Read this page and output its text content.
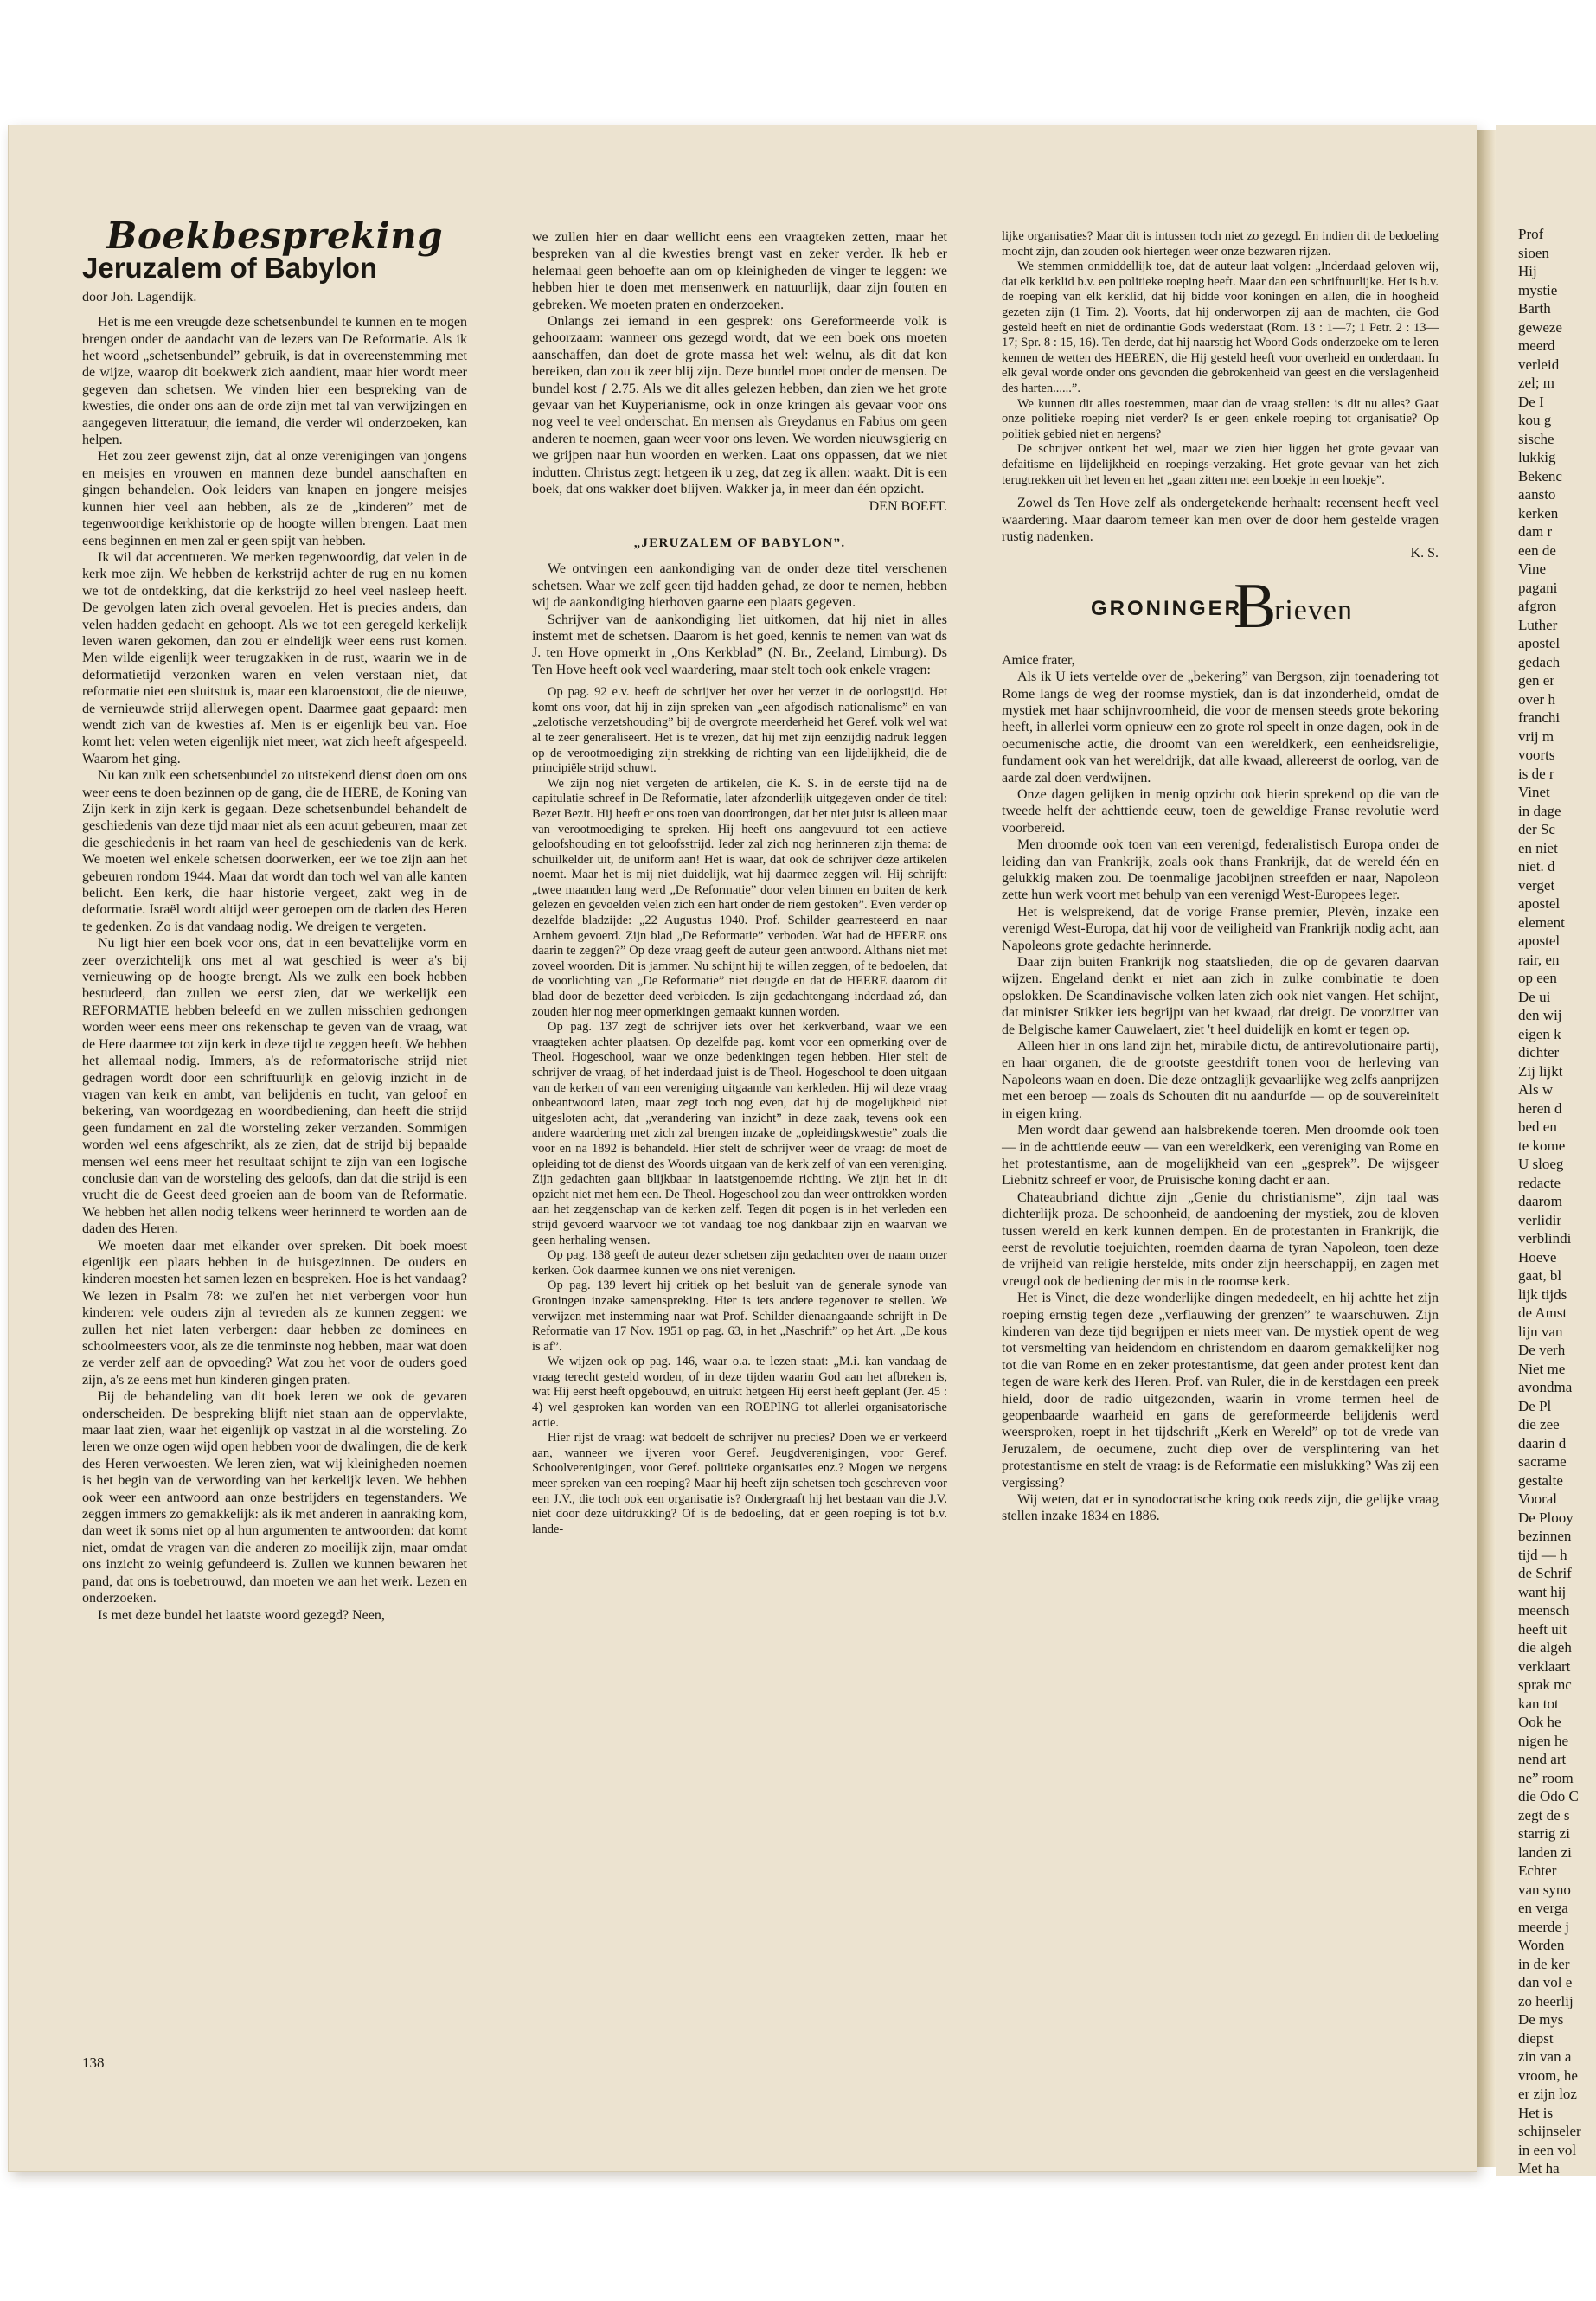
Boekbespreking
Jeruzalem of Babylon
door Joh. Lagendijk.

Het is me een vreugde deze schetsenbundel te kunnen en te mogen brengen onder de aandacht van de lezers van De Reformatie. Als ik het woord „schetsenbundel” gebruik, is dat in overeenstemming met de wijze, waarop dit boekwerk zich aandient, maar hier wordt meer gegeven dan schetsen. We vinden hier een bespreking van de kwesties, die onder ons aan de orde zijn met tal van verwijzingen en aangegeven litteratuur, die iemand, die verder wil onderzoeken, kan helpen.

Het zou zeer gewenst zijn, dat al onze verenigingen van jongens en meisjes en vrouwen en mannen deze bundel aanschaften en gingen behandelen. Ook leiders van knapen en jongere meisjes kunnen hier veel aan hebben, als ze de „kinderen” met de tegenwoordige kerkhistorie op de hoogte willen brengen. Laat men eens beginnen en men zal er geen spijt van hebben.

Ik wil dat accentueren. We merken tegenwoordig, dat velen in de kerk moe zijn. We hebben de kerkstrijd achter de rug en nu komen we tot de ontdekking, dat die kerkstrijd zo heel veel nasleep heeft. De gevolgen laten zich overal gevoelen. Het is precies anders, dan velen hadden gedacht en gehoopt. Als we tot een geregeld kerkelijk leven waren gekomen, dan zou er eindelijk weer eens rust komen. Men wilde eigenlijk weer terugzakken in de rust, waarin we in de deformatietijd verzonken waren en velen verstaan niet, dat reformatie niet een sluitstuk is, maar een klaroenstoot, die de nieuwe, de vernieuwde strijd allerwegen opent. Daarmee gaat gepaard: men wendt zich van de kwesties af. Men is er eigenlijk beu van. Hoe komt het: velen weten eigenlijk niet meer, wat zich heeft afgespeeld. Waarom het ging.

Nu kan zulk een schetsenbundel zo uitstekend dienst doen om ons weer eens te doen bezinnen op de gang, die de HERE, de Koning van Zijn kerk in zijn kerk is gegaan. Deze schetsenbundel behandelt de geschiedenis van deze tijd maar niet als een acuut gebeuren, maar zet die geschiedenis in het raam van heel de geschiedenis van de kerk. We moeten wel enkele schetsen doorwerken, eer we toe zijn aan het gebeuren rondom 1944. Maar dat wordt dan toch wel van alle kanten belicht. Een kerk, die haar historie vergeet, zakt weg in de deformatie. Israël wordt altijd weer geroepen om de daden des Heren te gedenken. Zo is dat vandaag nodig. We dreigen te vergeten.

Nu ligt hier een boek voor ons, dat in een bevattelijke vorm en zeer overzichtelijk ons met al wat geschied is weer a's bij vernieuwing op de hoogte brengt. Als we zulk een boek hebben bestudeerd, dan zullen we eerst zien, dat we werkelijk een REFORMATIE hebben beleefd en we zullen misschien gedrongen worden weer eens meer ons rekenschap te geven van de vraag, wat de Here daarmee tot zijn kerk in deze tijd te zeggen heeft. We hebben het allemaal nodig. Immers, a's de reformatorische strijd niet gedragen wordt door een schriftuurlijk en gelovig inzicht in de vragen van kerk en ambt, van belijdenis en tucht, van geloof en bekering, van woordgezag en woordbediening, dan heeft die strijd geen fundament en zal die worsteling zeker verzanden. Sommigen worden wel eens afgeschrikt, als ze zien, dat de strijd bij bepaalde mensen wel eens meer het resultaat schijnt te zijn van een logische conclusie dan van de worsteling des geloofs, dan dat die strijd is een vrucht die de Geest deed groeien aan de boom van de Reformatie. We hebben het allen nodig telkens weer herinnerd te worden aan de daden des Heren.

We moeten daar met elkander over spreken. Dit boek moest eigenlijk een plaats hebben in de huisgezinnen. De ouders en kinderen moesten het samen lezen en bespreken. Hoe is het vandaag? We lezen in Psalm 78: we zul'en het niet verbergen voor hun kinderen: vele ouders zijn al tevreden als ze kunnen zeggen: we zullen het niet laten verbergen: daar hebben ze dominees en schoolmeesters voor, als ze die tenminste nog hebben, maar wat doen ze verder zelf aan de opvoeding? Wat zou het voor de ouders goed zijn, a's ze eens met hun kinderen gingen praten.

Bij de behandeling van dit boek leren we ook de gevaren onderscheiden. De bespreking blijft niet staan aan de oppervlakte, maar laat zien, waar het eigenlijk op vastzat in al die worsteling. Zo leren we onze ogen wijd open hebben voor de dwalingen, die de kerk des Heren verwoesten. We leren zien, wat wij kleinigheden noemen is het begin van de verwording van het kerkelijk leven. We hebben ook weer een antwoord aan onze bestrijders en tegenstanders. We zeggen immers zo gemakkelijk: als ik met anderen in aanraking kom, dan weet ik soms niet op al hun argumenten te antwoorden: dat komt niet, omdat de vragen van die anderen zo moeilijk zijn, maar omdat ons inzicht zo weinig gefundeerd is. Zullen we kunnen bewaren het pand, dat ons is toebetrouwd, dan moeten we aan het werk. Lezen en onderzoeken.

Is met deze bundel het laatste woord gezegd? Neen,

we zullen hier en daar wellicht eens een vraagteken zetten, maar het bespreken van al die kwesties brengt vast en zeker verder. Ik heb er helemaal geen behoefte aan om op kleinigheden de vinger te leggen: we hebben hier te doen met mensenwerk en natuurlijk, daar zijn fouten en gebreken. We moeten praten en onderzoeken.

Onlangs zei iemand in een gesprek: ons Gereformeerde volk is gehoorzaam: wanneer ons gezegd wordt, dat we een boek ons moeten aanschaffen, dan doet de grote massa het wel: welnu, als dit dat kon bereiken, dan zou ik zeer blij zijn. Deze bundel moet onder de mensen. De bundel kost ƒ 2.75. Als we dit alles gelezen hebben, dan zien we het grote gevaar van het Kuyperianisme, ook in onze kringen als gevaar voor ons nog veel te veel onderschat. En mensen als Greydanus en Fabius om geen anderen te noemen, gaan weer voor ons leven. We worden nieuwsgierig en we grijpen naar hun woorden en werken. Laat ons oppassen, dat we niet indutten. Christus zegt: hetgeen ik u zeg, dat zeg ik allen: waakt. Dit is een boek, dat ons wakker doet blijven. Wakker ja, in meer dan één opzicht.

DEN BOEFT.
„JERUZALEM OF BABYLON”.

We ontvingen een aankondiging van de onder deze titel verschenen schetsen. Waar we zelf geen tijd hadden gehad, ze door te nemen, hebben wij de aankondiging hierboven gaarne een plaats gegeven.

Schrijver van de aankondiging liet uitkomen, dat hij niet in alles instemt met de schetsen. Daarom is het goed, kennis te nemen van wat ds J. ten Hove opmerkt in „Ons Kerkblad” (N. Br., Zeeland, Limburg). Ds Ten Hove heeft ook veel waardering, maar stelt toch ook enkele vragen:

Op pag. 92 e.v. heeft de schrijver het over het verzet in de oorlogstijd. Het komt ons voor, dat hij in zijn spreken van „een afgodisch nationalisme” en van „zelotische verzetshouding” bij de overgrote meerderheid het Geref. volk wel wat al te zeer generaliseert. Het is te vrezen, dat hij met zijn eenzijdig nadruk leggen op de verootmoediging zijn strekking de richting van een lijdelijkheid, die de principiële strijd schuwt.

We zijn nog niet vergeten de artikelen, die K. S. in de eerste tijd na de capitulatie schreef in De Reformatie, later afzonderlijk uitgegeven onder de titel: Bezet Bezit. Hij heeft er ons toen van doordrongen, dat het niet juist is alleen maar van verootmoediging te spreken. Hij heeft ons aangevuurd tot een actieve geloofshouding en tot geloofsstrijd. Ieder zal zich nog herinneren zijn thema: de schuilkelder uit, de uniform aan! Het is waar, dat ook de schrijver deze artikelen noemt. Maar het is mij niet duidelijk, wat hij daarmee zeggen wil. Hij schrijft: „twee maanden lang werd „De Reformatie” door velen binnen en buiten de kerk gelezen en gevoelden velen zich een hart onder de riem gestoken”. Even verder op dezelfde bladzijde: „22 Augustus 1940. Prof. Schilder gearresteerd en naar Arnhem gevoerd. Zijn blad „De Reformatie” verboden. Wat had de HEERE ons daarin te zeggen?” Op deze vraag geeft de auteur geen antwoord. Althans niet met zoveel woorden. Dit is jammer. Nu schijnt hij te willen zeggen, of te bedoelen, dat de voorlichting van „De Reformatie” niet deugde en dat de HEERE daarom dit blad door de bezetter deed verbieden. Is zijn gedachtengang inderdaad zó, dan zouden hier nog meer opmerkingen gemaakt kunnen worden.

Op pag. 137 zegt de schrijver iets over het kerkverband, waar we een vraagteken achter plaatsen. Op dezelfde pag. komt voor een opmerking over de Theol. Hogeschool, waar we onze bedenkingen tegen hebben. Hier stelt de schrijver de vraag, of het inderdaad juist is de Theol. Hogeschool te doen uitgaan van de kerken of van een vereniging uitgaande van kerkleden. Hij wil deze vraag onbeantwoord laten, maar zegt toch nog even, dat hij de mogelijkheid niet uitgesloten acht, dat „verandering van inzicht” in deze zaak, tevens ook een andere waardering met zich zal brengen inzake de „opleidingskwestie” zoals die voor en na 1892 is behandeld. Hier stelt de schrijver weer de vraag: de moet de opleiding tot de dienst des Woords uitgaan van de kerk zelf of van een vereniging. Zijn gedachten gaan blijkbaar in laatstgenoemde richting. We zijn het in dit opzicht niet met hem een. De Theol. Hogeschool zou dan weer onttrokken worden aan het zeggenschap van de kerken zelf. Tegen dit pogen is in het verleden een strijd gevoerd waarvoor we tot vandaag toe nog dankbaar zijn en waarvan we geen herhaling wensen.

Op pag. 138 geeft de auteur dezer schetsen zijn gedachten over de naam onzer kerken. Ook daarmee kunnen we ons niet verenigen.

Op pag. 139 levert hij critiek op het besluit van de generale synode van Groningen inzake samenspreking. Hier is iets andere tegenover te stellen. We verwijzen met instemming naar wat Prof. Schilder dienaangaande schrijft in De Reformatie van 17 Nov. 1951 op pag. 63, in het „Naschrift” op het Art. „De kous is af”.

We wijzen ook op pag. 146, waar o.a. te lezen staat: „M.i. kan vandaag de vraag terecht gesteld worden, of in deze tijden waarin God aan het afbreken is, wat Hij eerst heeft opgebouwd, en uitrukt hetgeen Hij eerst heeft geplant (Jer. 45 : 4) wel gesproken kan worden van een ROEPING tot allerlei organisatorische actie.

Hier rijst de vraag: wat bedoelt de schrijver nu precies? Doen we er verkeerd aan, wanneer we ijveren voor Geref. Jeugdverenigingen, voor Geref. Schoolverenigingen, voor Geref. politieke organisaties enz.? Mogen we nergens meer spreken van een roeping? Maar hij heeft zijn schetsen toch geschreven voor een J.V., die toch ook een organisatie is? Ondergraaft hij het bestaan van die J.V. niet door deze uitdrukking? Of is de bedoeling, dat er geen roeping is tot b.v. lande-

lijke organisaties? Maar dit is intussen toch niet zo gezegd. En indien dit de bedoeling mocht zijn, dan zouden ook hiertegen weer onze bezwaren rijzen.

We stemmen onmiddellijk toe, dat de auteur laat volgen: „Inderdaad geloven wij, dat elk kerklid b.v. een politieke roeping heeft. Maar dan een schriftuurlijke. Het is b.v. de roeping van elk kerklid, dat hij bidde voor koningen en allen, die in hoogheid gezeten zijn (1 Tim. 2). Voorts, dat hij onderworpen zij aan de machten, die God gesteld heeft en niet de ordinantie Gods wederstaat (Rom. 13 : 1—7; 1 Petr. 2 : 13—17; Spr. 8 : 15, 16). Ten derde, dat hij naarstig het Woord Gods onderzoeke om te leren kennen de wetten des HEEREN, die Hij gesteld heeft voor overheid en onderdaan. In elk geval worde onder ons gevonden die gebrokenheid van geest en die verslagenheid des harten......”.

We kunnen dit alles toestemmen, maar dan de vraag stellen: is dit nu alles? Gaat onze politieke roeping niet verder? Is er geen enkele roeping tot organisatie? Op politiek gebied niet en nergens?

De schrijver ontkent het wel, maar we zien hier liggen het grote gevaar van defaitisme en lijdelijkheid en roepings-verzaking. Het grote gevaar van het zich terugtrekken uit het leven en het „gaan zitten met een boekje in een hoekje”.

Zowel ds Ten Hove zelf als ondergetekende herhaalt: recensent heeft veel waardering. Maar daarom temeer kan men over de door hem gestelde vragen rustig nadenken.

K. S.
GRONINGER
B
rieven

Amice frater,

Als ik U iets vertelde over de „bekering” van Bergson, zijn toenadering tot Rome langs de weg der roomse mystiek, dan is dat inzonderheid, omdat de mystiek met haar schijnvroomheid, die voor de mensen steeds grote bekoring heeft, in allerlei vorm opnieuw een zo grote rol speelt in onze dagen, ook in de oecumenische actie, die droomt van een wereldkerk, een eenheidsreligie, fundament ook van het wereldrijk, dat alle kwaad, allereerst de oorlog, van de aarde zal doen verdwijnen.

Onze dagen gelijken in menig opzicht ook hierin sprekend op die van de tweede helft der achttiende eeuw, toen de geweldige Franse revolutie werd voorbereid.

Men droomde ook toen van een verenigd, federalistisch Europa onder de leiding dan van Frankrijk, zoals ook thans Frankrijk, dat de wereld één en gelukkig maken zou. De toenmalige jacobijnen streefden er naar, Napoleon zette hun werk voort met behulp van een verenigd West-Europees leger.

Het is welsprekend, dat de vorige Franse premier, Plevèn, inzake een verenigd West-Europa, dat hij voor de veiligheid van Frankrijk nodig acht, aan Napoleons grote gedachte herinnerde.

Daar zijn buiten Frankrijk nog staatslieden, die op de gevaren daarvan wijzen. Engeland denkt er niet aan zich in zulke combinatie te doen opslokken. De Scandinavische volken laten zich ook niet vangen. Het schijnt, dat minister Stikker iets begrijpt van het kwaad, dat dreigt. De voorzitter van de Belgische kamer Cauwelaert, ziet 't heel duidelijk en komt er tegen op.

Alleen hier in ons land zijn het, mirabile dictu, de antirevolutionaire partij, en haar organen, die de grootste geestdrift tonen voor de herleving van Napoleons waan en doen. Die deze ontzaglijk gevaarlijke weg zelfs aanprijzen met een beroep — zoals ds Schouten dit nu aandurfde — op de souvereiniteit in eigen kring.

Men wordt daar gewend aan halsbrekende toeren. Men droomde ook toen — in de achttiende eeuw — van een wereldkerk, een vereniging van Rome en het protestantisme, aan de mogelijkheid van een „gesprek”. De wijsgeer Liebnitz schreef er voor, de Pruisische koning dacht er aan.

Chateaubriand dichtte zijn „Genie du christianisme”, zijn taal was dichterlijk proza. De schoonheid, de aandoening der mystiek, zou de kloven tussen wereld en kerk kunnen dempen. En de protestanten in Frankrijk, die eerst de revolutie toejuichten, roemden daarna de tyran Napoleon, toen deze de vrijheid van religie herstelde, mits onder zijn heerschappij, en zagen met vreugd ook de bediening der mis in de roomse kerk.

Het is Vinet, die deze wonderlijke dingen mededeelt, en hij achtte het zijn roeping ernstig tegen deze „verflauwing der grenzen” te waarschuwen. Zijn kinderen van deze tijd begrijpen er niets meer van. De mystiek opent de weg tot versmelting van heidendom en christendom en daarom gemakkelijker nog tot die van Rome en en zeker protestantisme, dat geen ander protest kent dan tegen de ware kerk des Heren. Prof. van Ruler, die in de kerstdagen een preek hield, door de radio uitgezonden, waarin in vrome termen heel de geopenbaarde waarheid en gans de gereformeerde belijdenis werd weersproken, roept in het tijdschrift „Kerk en Wereld” op tot de vrede van Jeruzalem, de oecumene, zucht diep over de versplintering van het protestantisme en stelt de vraag: is de Reformatie een mislukking? Was zij een vergissing?

Wij weten, dat er in synodocratische kring ook reeds zijn, die gelijke vraag stellen inzake 1834 en 1886.

138
Prof
sioen
Hij
mystie
Barth
geweze
meerd
verleid
zel; m
De I
kou g
sische
lukkig
Bekenc
aansto
kerken
dam r
een de
Vine
pagani
afgron
Luther
apostel
gedach
gen er
over h
franchi
vrij m
voorts
is de r
Vinet
in dage
der Sc
en niet
niet. d
verget
apostel
element
apostel
rair, en
op een
De ui
den wij
eigen k
dichter
Zij lijkt
Als w
heren d
bed en
te kome
U sloeg
redacte
daarom
verlidir
verblindi
Hoeve
gaat, bl
lijk tijds
de Amst
lijn van
De verh
Niet me
avondma
De Pl
die zee
daarin d
sacrame
gestalte
Vooral
De Plooy
bezinnen
tijd — h
de Schrif
want hij
meensch
heeft uit
die algeh
verklaart
sprak mc
kan tot
Ook he
nigen he
nend art
ne” room
die Odo C
zegt de s
starrig zi
landen zi
Echter
van syno
en verga
meerde j
Worden
in de ker
dan vol e
zo heerlij
De mys
diepst
zin van a
vroom, he
er zijn loz
Het is
schijnseler
in een vol
Met ha
